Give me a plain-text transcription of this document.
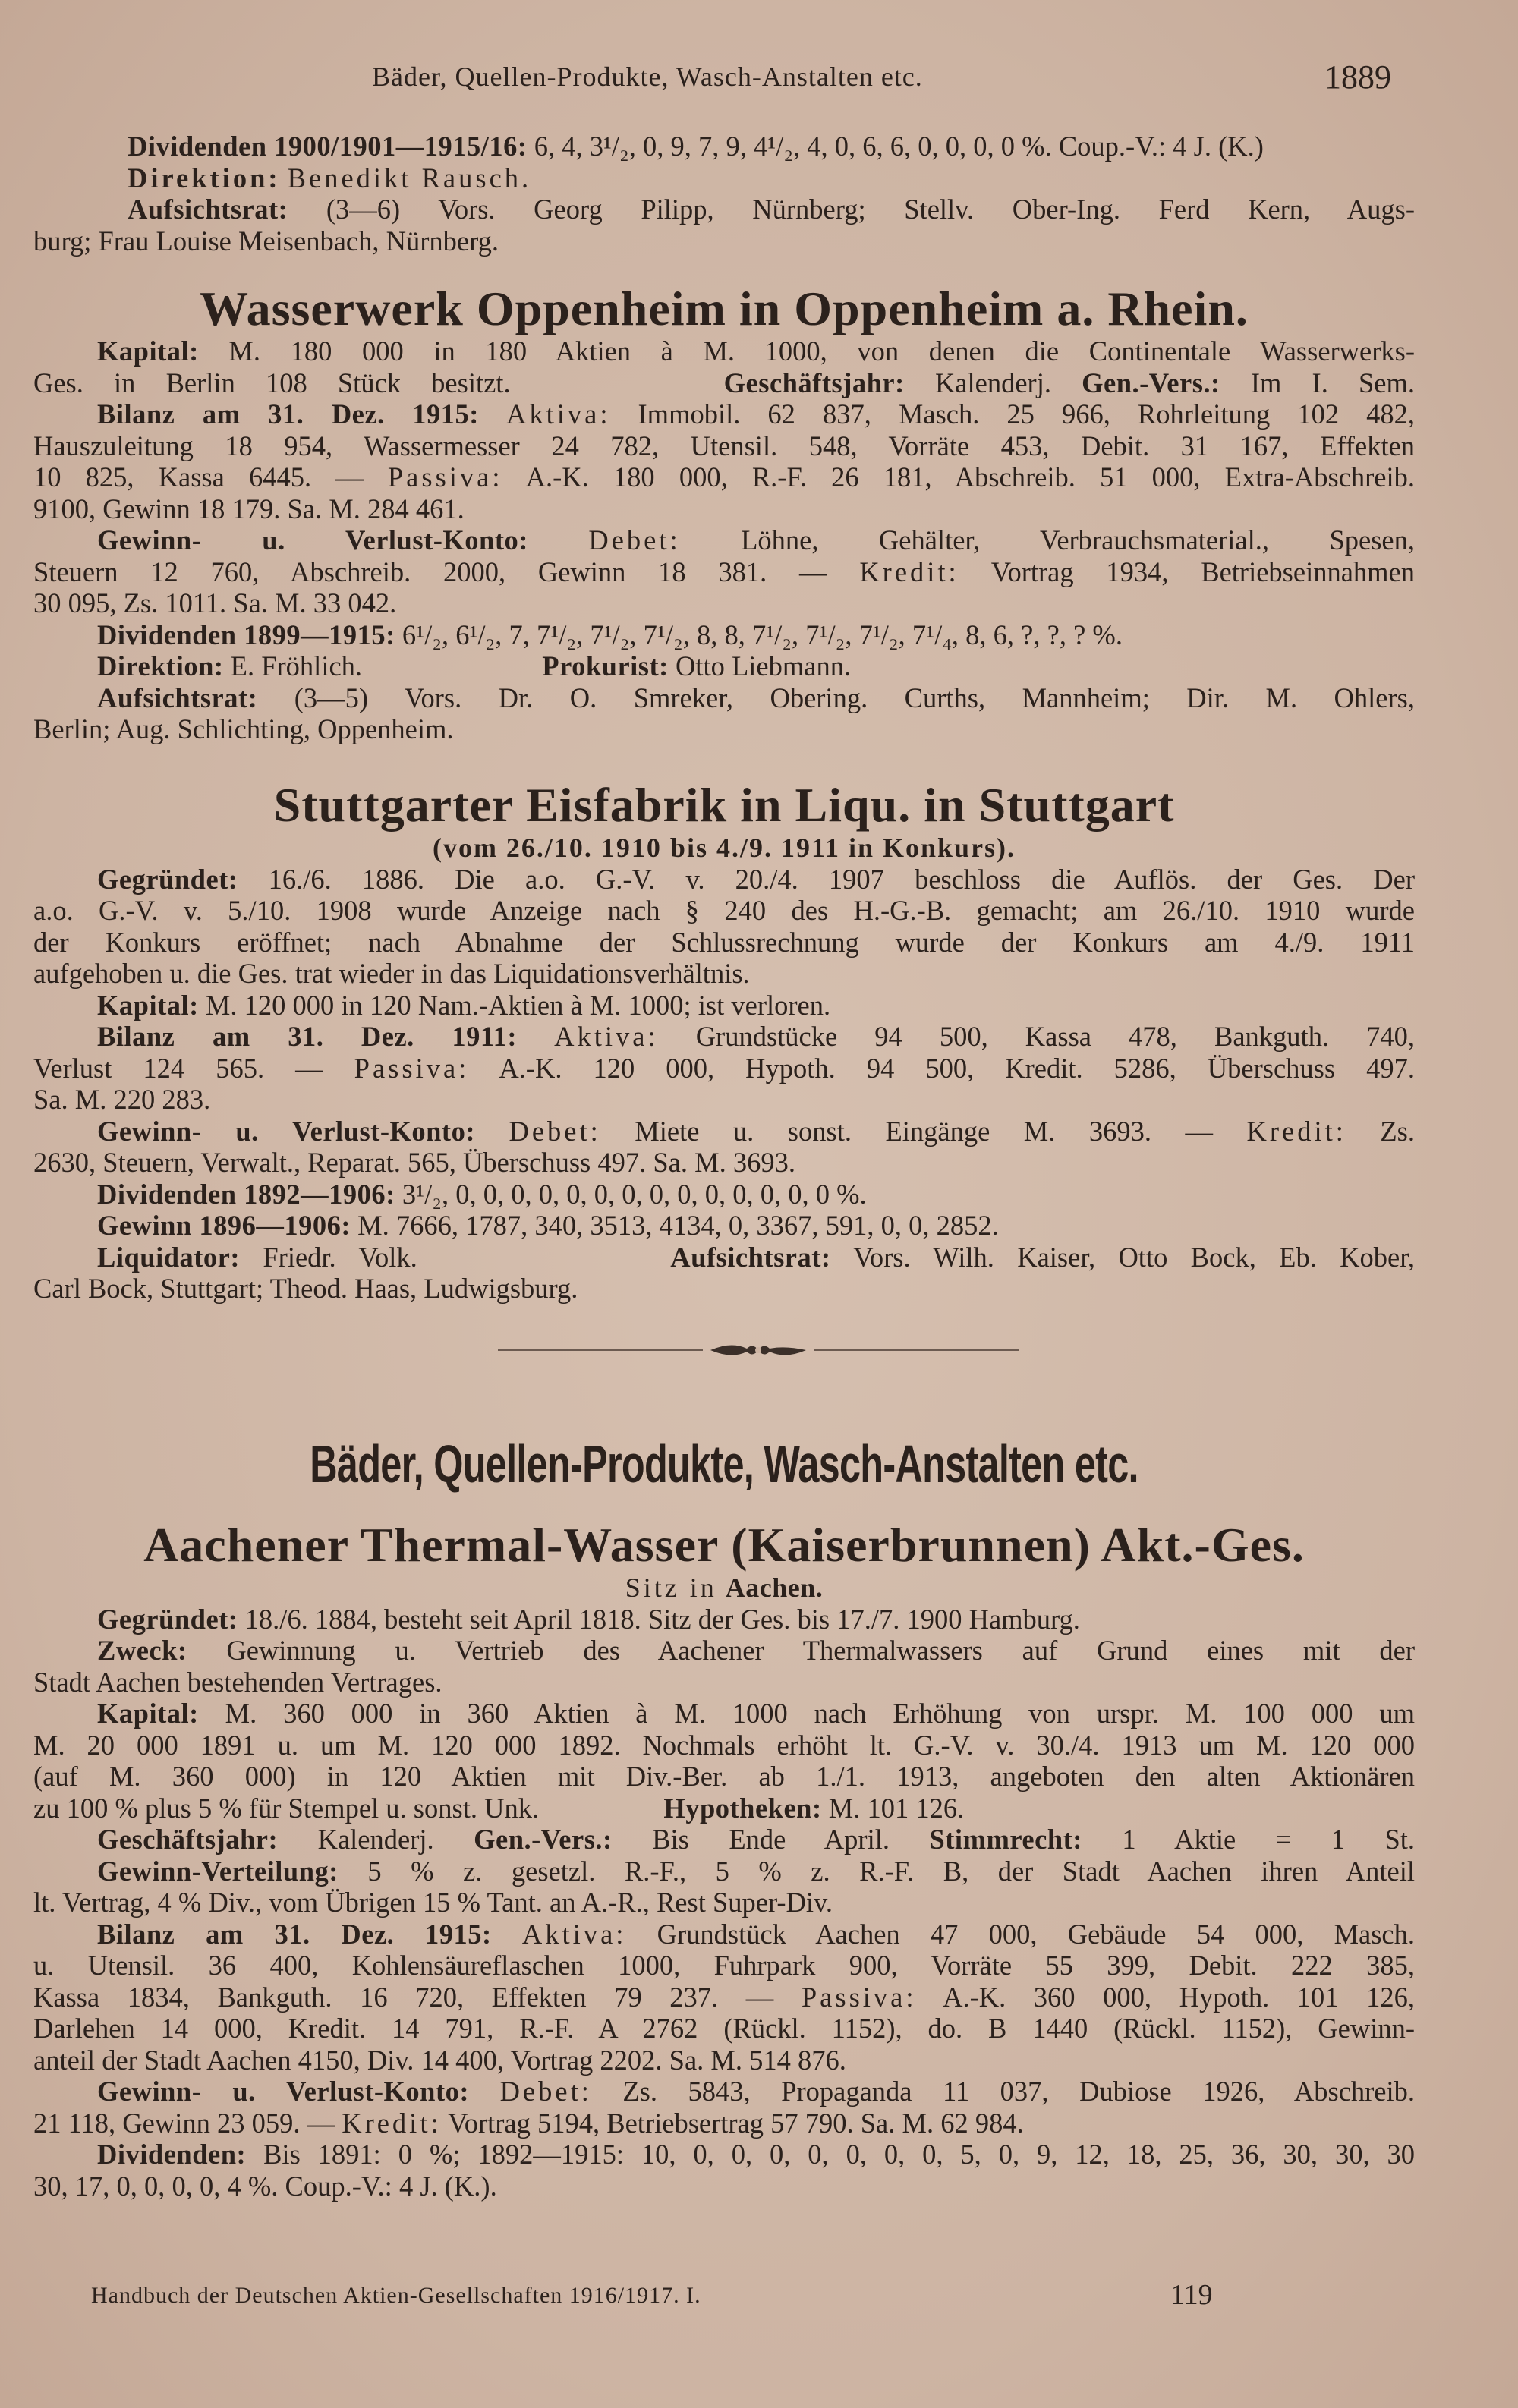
Bäder, Quellen-Produkte, Wasch-Anstalten etc.	1889

Dividenden 1900/1901—1915/16: 6, 4, 3¹/₂, 0, 9, 7, 9, 4¹/₂, 4, 0, 6, 6, 0, 0, 0, 0 %. Coup.-V.: 4 J. (K.)

Direktion: Benedikt Rausch.

Aufsichtsrat: (3—6) Vors. Georg Pilipp, Nürnberg; Stellv. Ober-Ing. Ferd Kern, Augs-

burg; Frau Louise Meisenbach, Nürnberg.

Wasserwerk Oppenheim in Oppenheim a. Rhein.

Kapital: M. 180 000 in 180 Aktien à M. 1000, von denen die Continentale Wasserwerks-

Ges. in Berlin 108 Stück besitzt.	Geschäftsjahr: Kalenderj. Gen.-Vers.: Im I. Sem.

Bilanz am 31. Dez. 1915: Aktiva: Immobil. 62 837, Masch. 25 966, Rohrleitung 102 482,

Hauszuleitung 18 954, Wassermesser 24 782, Utensil. 548, Vorräte 453, Debit. 31 167, Effekten

10 825, Kassa 6445. — Passiva: A.-K. 180 000, R.-F. 26 181, Abschreib. 51 000, Extra-Abschreib.

9100, Gewinn 18 179. Sa. M. 284 461.

Gewinn- u. Verlust-Konto: Debet: Löhne, Gehälter, Verbrauchsmaterial., Spesen,

Steuern 12 760, Abschreib. 2000, Gewinn 18 381. — Kredit: Vortrag 1934, Betriebseinnahmen

30 095, Zs. 1011. Sa. M. 33 042.

Dividenden 1899—1915: 6¹/₂, 6¹/₂, 7, 7¹/₂, 7¹/₂, 7¹/₂, 8, 8, 7¹/₂, 7¹/₂, 7¹/₂, 7¹/₄, 8, 6, ?, ?, ? %.

Direktion: E. Fröhlich.	Prokurist: Otto Liebmann.

Aufsichtsrat: (3—5) Vors. Dr. O. Smreker, Obering. Curths, Mannheim; Dir. M. Ohlers,

Berlin; Aug. Schlichting, Oppenheim.

Stuttgarter Eisfabrik in Liqu. in Stuttgart

(vom 26./10. 1910 bis 4./9. 1911 in Konkurs).

Gegründet: 16./6. 1886. Die a.o. G.-V. v. 20./4. 1907 beschloss die Auflös. der Ges. Der

a.o. G.-V. v. 5./10. 1908 wurde Anzeige nach § 240 des H.-G.-B. gemacht; am 26./10. 1910 wurde

der Konkurs eröffnet; nach Abnahme der Schlussrechnung wurde der Konkurs am 4./9. 1911

aufgehoben u. die Ges. trat wieder in das Liquidationsverhältnis.

Kapital: M. 120 000 in 120 Nam.-Aktien à M. 1000; ist verloren.

Bilanz am 31. Dez. 1911: Aktiva: Grundstücke 94 500, Kassa 478, Bankguth. 740,

Verlust 124 565. — Passiva: A.-K. 120 000, Hypoth. 94 500, Kredit. 5286, Überschuss 497.

Sa. M. 220 283.

Gewinn- u. Verlust-Konto: Debet: Miete u. sonst. Eingänge M. 3693. — Kredit: Zs.

2630, Steuern, Verwalt., Reparat. 565, Überschuss 497. Sa. M. 3693.

Dividenden 1892—1906: 3¹/₂, 0, 0, 0, 0, 0, 0, 0, 0, 0, 0, 0, 0, 0, 0 %.

Gewinn 1896—1906: M. 7666, 1787, 340, 3513, 4134, 0, 3367, 591, 0, 0, 2852.

Liquidator: Friedr. Volk.	Aufsichtsrat: Vors. Wilh. Kaiser, Otto Bock, Eb. Kober,

Carl Bock, Stuttgart; Theod. Haas, Ludwigsburg.

Bäder, Quellen-Produkte, Wasch-Anstalten etc.
Aachener Thermal-Wasser (Kaiserbrunnen) Akt.-Ges.

Sitz in Aachen.

Gegründet: 18./6. 1884, besteht seit April 1818. Sitz der Ges. bis 17./7. 1900 Hamburg.

Zweck: Gewinnung u. Vertrieb des Aachener Thermalwassers auf Grund eines mit der

Stadt Aachen bestehenden Vertrages.

Kapital: M. 360 000 in 360 Aktien à M. 1000 nach Erhöhung von urspr. M. 100 000 um

M. 20 000 1891 u. um M. 120 000 1892. Nochmals erhöht lt. G.-V. v. 30./4. 1913 um M. 120 000

(auf M. 360 000) in 120 Aktien mit Div.-Ber. ab 1./1. 1913, angeboten den alten Aktionären

zu 100 % plus 5 % für Stempel u. sonst. Unk.	Hypotheken: M. 101 126.

Geschäftsjahr: Kalenderj. Gen.-Vers.: Bis Ende April. Stimmrecht: 1 Aktie = 1 St.

Gewinn-Verteilung: 5 % z. gesetzl. R.-F., 5 % z. R.-F. B, der Stadt Aachen ihren Anteil

lt. Vertrag, 4 % Div., vom Übrigen 15 % Tant. an A.-R., Rest Super-Div.

Bilanz am 31. Dez. 1915: Aktiva: Grundstück Aachen 47 000, Gebäude 54 000, Masch.

u. Utensil. 36 400, Kohlensäureflaschen 1000, Fuhrpark 900, Vorräte 55 399, Debit. 222 385,

Kassa 1834, Bankguth. 16 720, Effekten 79 237. — Passiva: A.-K. 360 000, Hypoth. 101 126,

Darlehen 14 000, Kredit. 14 791, R.-F. A 2762 (Rückl. 1152), do. B 1440 (Rückl. 1152), Gewinn-

anteil der Stadt Aachen 4150, Div. 14 400, Vortrag 2202. Sa. M. 514 876.

Gewinn- u. Verlust-Konto: Debet: Zs. 5843, Propaganda 11 037, Dubiose 1926, Abschreib.

21 118, Gewinn 23 059. — Kredit: Vortrag 5194, Betriebsertrag 57 790. Sa. M. 62 984.

Dividenden: Bis 1891: 0 %; 1892—1915: 10, 0, 0, 0, 0, 0, 0, 0, 5, 0, 9, 12, 18, 25, 36, 30, 30, 30

30, 17, 0, 0, 0, 0, 4 %. Coup.-V.: 4 J. (K.).

Handbuch der Deutschen Aktien-Gesellschaften 1916/1917. I.	119
